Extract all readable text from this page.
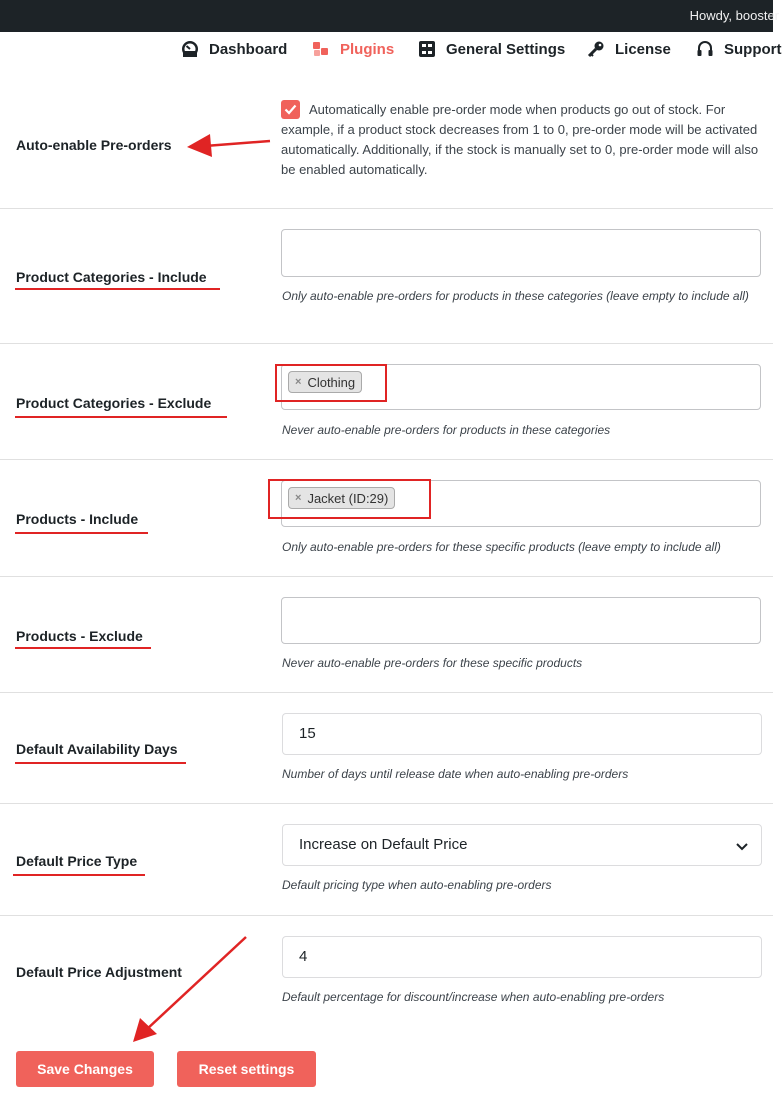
Howdy, booster
Dashboard	Plugins	General Settings	License	Support
Auto-enable Pre-orders
Automatically enable pre-order mode when products go out of stock. For example, if a product stock decreases from 1 to 0, pre-order mode will be activated automatically. Additionally, if the stock is manually set to 0, pre-order mode will also be enabled automatically.
Product Categories - Include
Only auto-enable pre-orders for products in these categories (leave empty to include all)
Product Categories - Exclude
× Clothing
Never auto-enable pre-orders for products in these categories
Products - Include
× Jacket (ID:29)
Only auto-enable pre-orders for these specific products (leave empty to include all)
Products - Exclude
Never auto-enable pre-orders for these specific products
Default Availability Days
15
Number of days until release date when auto-enabling pre-orders
Default Price Type
Increase on Default Price
Default pricing type when auto-enabling pre-orders
Default Price Adjustment
4
Default percentage for discount/increase when auto-enabling pre-orders
Save Changes	Reset settings
